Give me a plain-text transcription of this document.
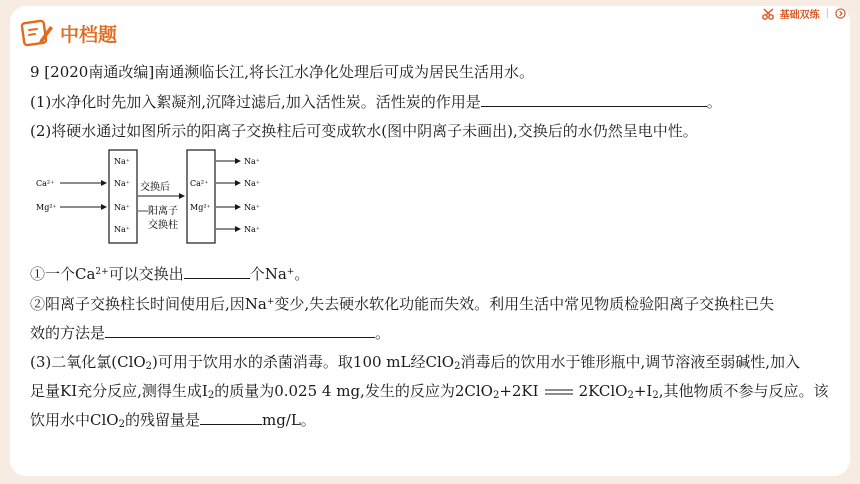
中档题
基础双练 |
9 [2020南通改编]南通濒临长江,将长江水净化处理后可成为居民生活用水。
(1)水净化时先加入絮凝剂,沉降过滤后,加入活性炭。活性炭的作用是	。
(2)将硬水通过如图所示的阳离子交换柱后可变成软水(图中阴离子未画出),交换后的水仍然呈电中性。
Ca²⁺
Mg²⁺
Na⁺
Na⁺
Na⁺
Na⁺
交换后
阳离子
交换柱
Ca²⁺
Mg²⁺
Na⁺
Na⁺
Na⁺
Na⁺
①一个$Ca^{2+}$可以交换出	个Na+。
②阳离子交换柱长时间使用后,因Na+变少,失去硬水软化功能而失效。利用生活中常见物质检验阳离子交换柱已失
效的方法是	。
(3)二氧化氯(ClO$_2$)可用于饮用水的杀菌消毒。取100 mL经ClO$_2$消毒后的饮用水于锥形瓶中,调节溶液至弱碱性,加入
足量KI充分反应,测得生成$I_2$的质量为0.025 4 mg,发生的反应为2ClO$_2$+2KI	$2KClO_2+I_2$,其他物质不参与反应。该
饮用水中ClO$_2$的残留量是	mg/L。
